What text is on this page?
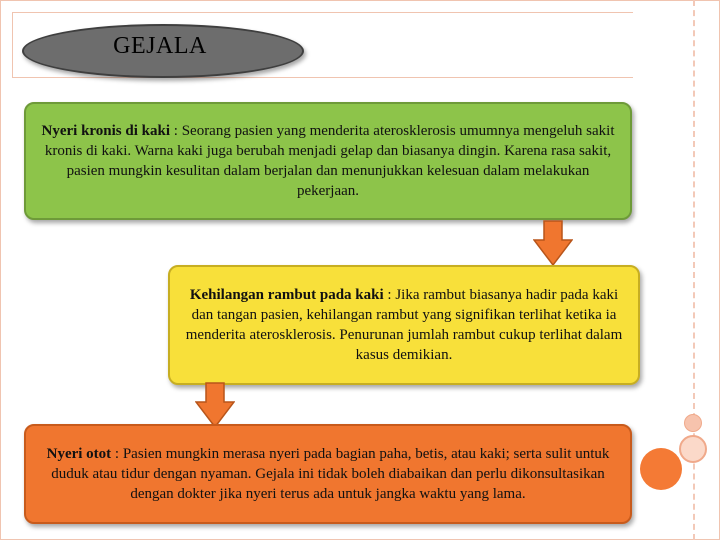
GEJALA

Nyeri kronis di kaki : Seorang pasien yang menderita aterosklerosis umumnya mengeluh sakit kronis di kaki. Warna kaki juga berubah menjadi gelap dan biasanya dingin. Karena rasa sakit, pasien mungkin kesulitan dalam berjalan dan menunjukkan kelesuan dalam melakukan pekerjaan.

Kehilangan rambut pada kaki : Jika rambut biasanya hadir pada kaki dan tangan pasien, kehilangan rambut yang signifikan terlihat ketika ia menderita aterosklerosis. Penurunan jumlah rambut cukup terlihat dalam kasus demikian.

Nyeri otot : Pasien mungkin merasa nyeri pada bagian paha, betis, atau kaki; serta sulit untuk duduk atau tidur dengan nyaman. Gejala ini tidak boleh diabaikan dan perlu dikonsultasikan dengan dokter jika nyeri terus ada untuk jangka waktu yang lama.
